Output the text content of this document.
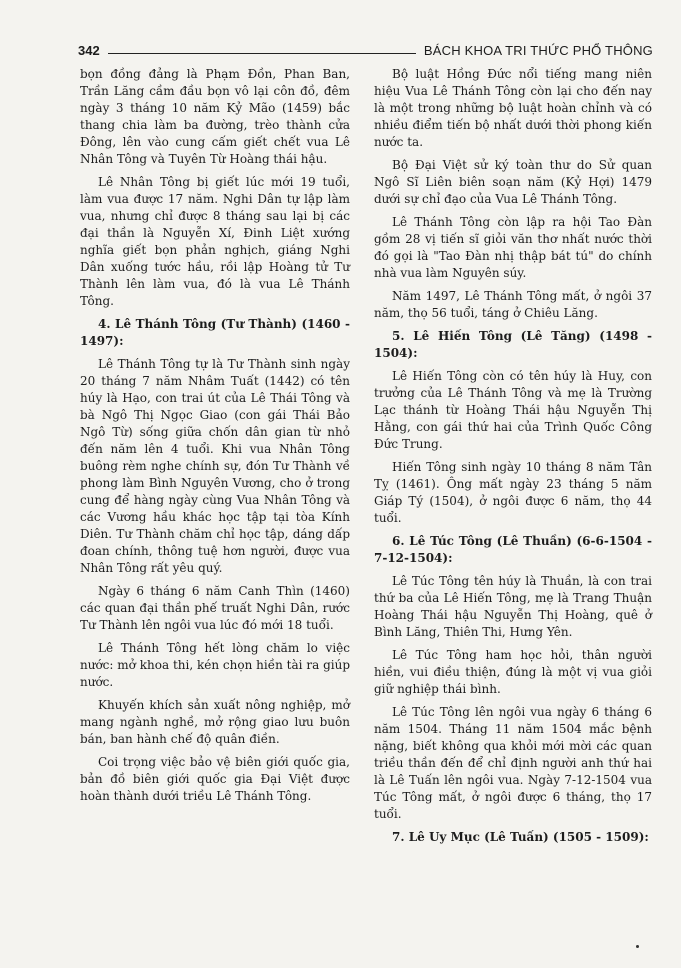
342	BÁCH KHOA TRI THỨC PHỔ THÔNG

bọn đồng đảng là Phạm Đồn, Phan Ban, Trần Lăng cầm đầu bọn vô lại côn đồ, đêm ngày 3 tháng 10 năm Kỷ Mão (1459) bắc thang chia làm ba đường, trèo thành cửa Đông, lên vào cung cấm giết chết vua Lê Nhân Tông và Tuyên Từ Hoàng thái hậu.

Lê Nhân Tông bị giết lúc mới 19 tuổi, làm vua được 17 năm. Nghi Dân tự lập làm vua, nhưng chỉ được 8 tháng sau lại bị các đại thần là Nguyễn Xí, Đinh Liệt xướng nghĩa giết bọn phản nghịch, giáng Nghi Dân xuống tước hầu, rồi lập Hoàng tử Tư Thành lên làm vua, đó là vua Lê Thánh Tông.

4. Lê Thánh Tông (Tư Thành) (1460 - 1497):

Lê Thánh Tông tự là Tư Thành sinh ngày 20 tháng 7 năm Nhâm Tuất (1442) có tên húy là Hạo, con trai út của Lê Thái Tông và bà Ngô Thị Ngọc Giao (con gái Thái Bảo Ngô Từ) sống giữa chốn dân gian từ nhỏ đến năm lên 4 tuổi. Khi vua Nhân Tông buông rèm nghe chính sự, đón Tư Thành về phong làm Bình Nguyên Vương, cho ở trong cung để hàng ngày cùng Vua Nhân Tông và các Vương hầu khác học tập tại tòa Kính Diên. Tư Thành chăm chỉ học tập, dáng dấp đoan chính, thông tuệ hơn người, được vua Nhân Tông rất yêu quý.

Ngày 6 tháng 6 năm Canh Thìn (1460) các quan đại thần phế truất Nghi Dân, rước Tư Thành lên ngôi vua lúc đó mới 18 tuổi.

Lê Thánh Tông hết lòng chăm lo việc nước: mở khoa thi, kén chọn hiền tài ra giúp nước.

Khuyến khích sản xuất nông nghiệp, mở mang ngành nghề, mở rộng giao lưu buôn bán, ban hành chế độ quân điền.

Coi trọng việc bảo vệ biên giới quốc gia, bản đồ biên giới quốc gia Đại Việt được hoàn thành dưới triều Lê Thánh Tông.

Bộ luật Hồng Đức nổi tiếng mang niên hiệu Vua Lê Thánh Tông còn lại cho đến nay là một trong những bộ luật hoàn chỉnh và có nhiều điểm tiến bộ nhất dưới thời phong kiến nước ta.

Bộ Đại Việt sử ký toàn thư do Sử quan Ngô Sĩ Liên biên soạn năm (Kỷ Hợi) 1479 dưới sự chỉ đạo của Vua Lê Thánh Tông.

Lê Thánh Tông còn lập ra hội Tao Đàn gồm 28 vị tiến sĩ giỏi văn thơ nhất nước thời đó gọi là "Tao Đàn nhị thập bát tú" do chính nhà vua làm Nguyên súy.

Năm 1497, Lê Thánh Tông mất, ở ngôi 37 năm, thọ 56 tuổi, táng ở Chiêu Lăng.

5. Lê Hiến Tông (Lê Tăng) (1498 - 1504):

Lê Hiến Tông còn có tên húy là Huy, con trưởng của Lê Thánh Tông và mẹ là Trường Lạc thánh từ Hoàng Thái hậu Nguyễn Thị Hằng, con gái thứ hai của Trình Quốc Công Đức Trung.

Hiến Tông sinh ngày 10 tháng 8 năm Tân Tỵ (1461). Ông mất ngày 23 tháng 5 năm Giáp Tý (1504), ở ngôi được 6 năm, thọ 44 tuổi.

6. Lê Túc Tông (Lê Thuần) (6-6-1504 - 7-12-1504):

Lê Túc Tông tên húy là Thuần, là con trai thứ ba của Lê Hiến Tông, mẹ là Trang Thuận Hoàng Thái hậu Nguyễn Thị Hoàng, quê ở Bình Lăng, Thiên Thi, Hưng Yên.

Lê Túc Tông ham học hỏi, thân người hiền, vui điều thiện, đúng là một vị vua giỏi giữ nghiệp thái bình.

Lê Túc Tông lên ngôi vua ngày 6 tháng 6 năm 1504. Tháng 11 năm 1504 mắc bệnh nặng, biết không qua khỏi mới mời các quan triều thần đến để chỉ định người anh thứ hai là Lê Tuấn lên ngôi vua. Ngày 7-12-1504 vua Túc Tông mất, ở ngôi được 6 tháng, thọ 17 tuổi.

7. Lê Uy Mục (Lê Tuấn) (1505 - 1509):
